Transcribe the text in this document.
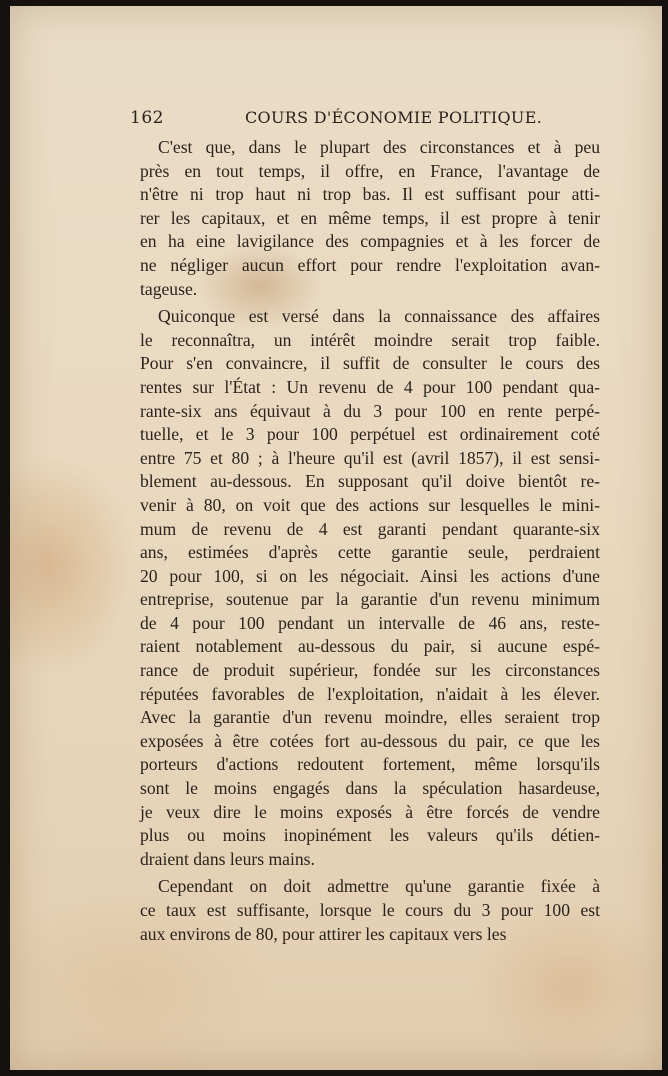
162	COURS D'ÉCONOMIE POLITIQUE.
C'est que, dans le plupart des circonstances et à peu
près en tout temps, il offre, en France, l'avantage de
n'être ni trop haut ni trop bas. Il est suffisant pour atti-
rer les capitaux, et en même temps, il est propre à tenir
en ha eine lavigilance des compagnies et à les forcer de
ne négliger aucun effort pour rendre l'exploitation avan-
tageuse.
Quiconque est versé dans la connaissance des affaires
le reconnaîtra, un intérêt moindre serait trop faible.
Pour s'en convaincre, il suffit de consulter le cours des
rentes sur l'État : Un revenu de 4 pour 100 pendant qua-
rante-six ans équivaut à du 3 pour 100 en rente perpé-
tuelle, et le 3 pour 100 perpétuel est ordinairement coté
entre 75 et 80 ; à l'heure qu'il est (avril 1857), il est sensi-
blement au-dessous. En supposant qu'il doive bientôt re-
venir à 80, on voit que des actions sur lesquelles le mini-
mum de revenu de 4 est garanti pendant quarante-six
ans, estimées d'après cette garantie seule, perdraient
20 pour 100, si on les négociait. Ainsi les actions d'une
entreprise, soutenue par la garantie d'un revenu minimum
de 4 pour 100 pendant un intervalle de 46 ans, reste-
raient notablement au-dessous du pair, si aucune espé-
rance de produit supérieur, fondée sur les circonstances
réputées favorables de l'exploitation, n'aidait à les élever.
Avec la garantie d'un revenu moindre, elles seraient trop
exposées à être cotées fort au-dessous du pair, ce que les
porteurs d'actions redoutent fortement, même lorsqu'ils
sont le moins engagés dans la spéculation hasardeuse,
je veux dire le moins exposés à être forcés de vendre
plus ou moins inopinément les valeurs qu'ils détien-
draient dans leurs mains.
Cependant on doit admettre qu'une garantie fixée à
ce taux est suffisante, lorsque le cours du 3 pour 100 est
aux environs de 80, pour attirer les capitaux vers les
